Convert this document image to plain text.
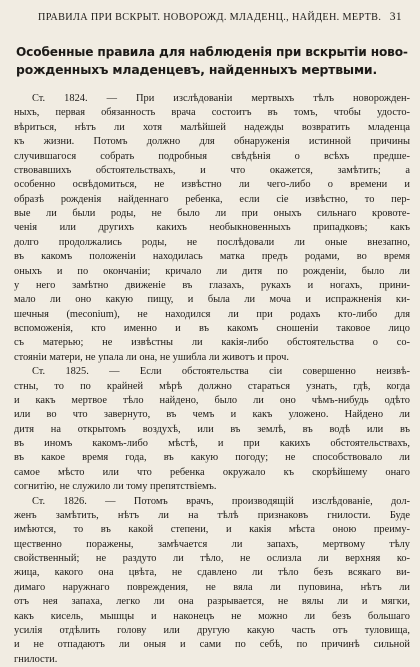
ПРАВИЛА ПРИ ВСКРЫТ. НОВОРОЖД. МЛАДЕНЦ., НАЙДЕН. МЕРТВ. 31
Особенные правила для наблюденія при вскрытіи ново-
рожденныхъ младенцевъ, найденныхъ мертвыми.
Ст. 1824. — При изслѣдованіи мертвыхъ тѣлъ новорожден-
ныхъ, первая обязанность врача состоитъ въ томъ, чтобы удосто-
вѣриться, нѣтъ ли хотя малѣйшей надежды возвратить младенца
къ жизни. Потомъ должно для обнаруженія истинной причины
случившагося собрать подробныя свѣдѣнія о всѣхъ предше-
ствовавшихъ обстоятельствахъ, и что окажется, замѣтить; а
особенно освѣдомиться, не извѣстно ли чего-либо о времени и
образѣ рожденія найденнаго ребенка, если сіе извѣстно, то пер-
вые ли были роды, не было ли при оныхъ сильнаго кровоте-
ченія или другихъ какихъ необыкновенныхъ припадковъ; какъ
долго продолжались роды, не послѣдовали ли оные внезапно,
въ какомъ положеніи находилась матка предъ родами, во время
оныхъ и по окончаніи; кричало ли дитя по рожденіи, было ли
у него замѣтно движеніе въ глазахъ, рукахъ и ногахъ, прини-
мало ли оно какую пищу, и была ли моча и испражненія ки-
шечныя (meconium), не находился ли при родахъ кто-либо для
вспоможенія, кто именно и въ какомъ сношеніи таковое лицо
съ матерью; не извѣстны ли какія-либо обстоятельства о со-
стояніи матери, не упала ли она, не ушибла ли животъ и проч.
Ст. 1825. — Если обстоятельства сіи совершенно неизвѣ-
стны, то по крайней мѣрѣ должно стараться узнать, гдѣ, когда
и какъ мертвое тѣло найдено, было ли оно чѣмъ-нибудь одѣто
или во что завернуто, въ чемъ и какъ уложено. Найдено ли
дитя на открытомъ воздухѣ, или въ землѣ, въ водѣ или въ
въ иномъ какомъ-либо мѣстѣ, и при какихъ обстоятельствахъ,
въ какое время года, въ какую погоду; не способствовало ли
самое мѣсто или что ребенка окружало къ скорѣйшему онаго
согнитію, не служило ли тому препятствіемъ.
Ст. 1826. — Потомъ врачъ, производящій изслѣдованіе, дол-
женъ замѣтить, нѣтъ ли на тѣлѣ признаковъ гнилости. Буде
имѣются, то въ какой степени, и какія мѣста оною преиму-
щественно поражены, замѣчается ли запахъ, мертвому тѣлу
свойственный; не раздуто ли тѣло, не ослизла ли верхняя ко-
жица, какого она цвѣта, не сдавлено ли тѣло безъ всякаго ви-
димаго наружнаго повреждения, не вяла ли пуповина, нѣтъ ли
отъ нея запаха, легко ли она разрывается, не вялы ли и мягки,
какъ кисель, мышцы и наконецъ не можно ли безъ большаго
усилія отдѣлить голову или другую какую часть отъ туловища,
и не отпадаютъ ли оныя и сами по себѣ, по причинѣ сильной
гнилости.
